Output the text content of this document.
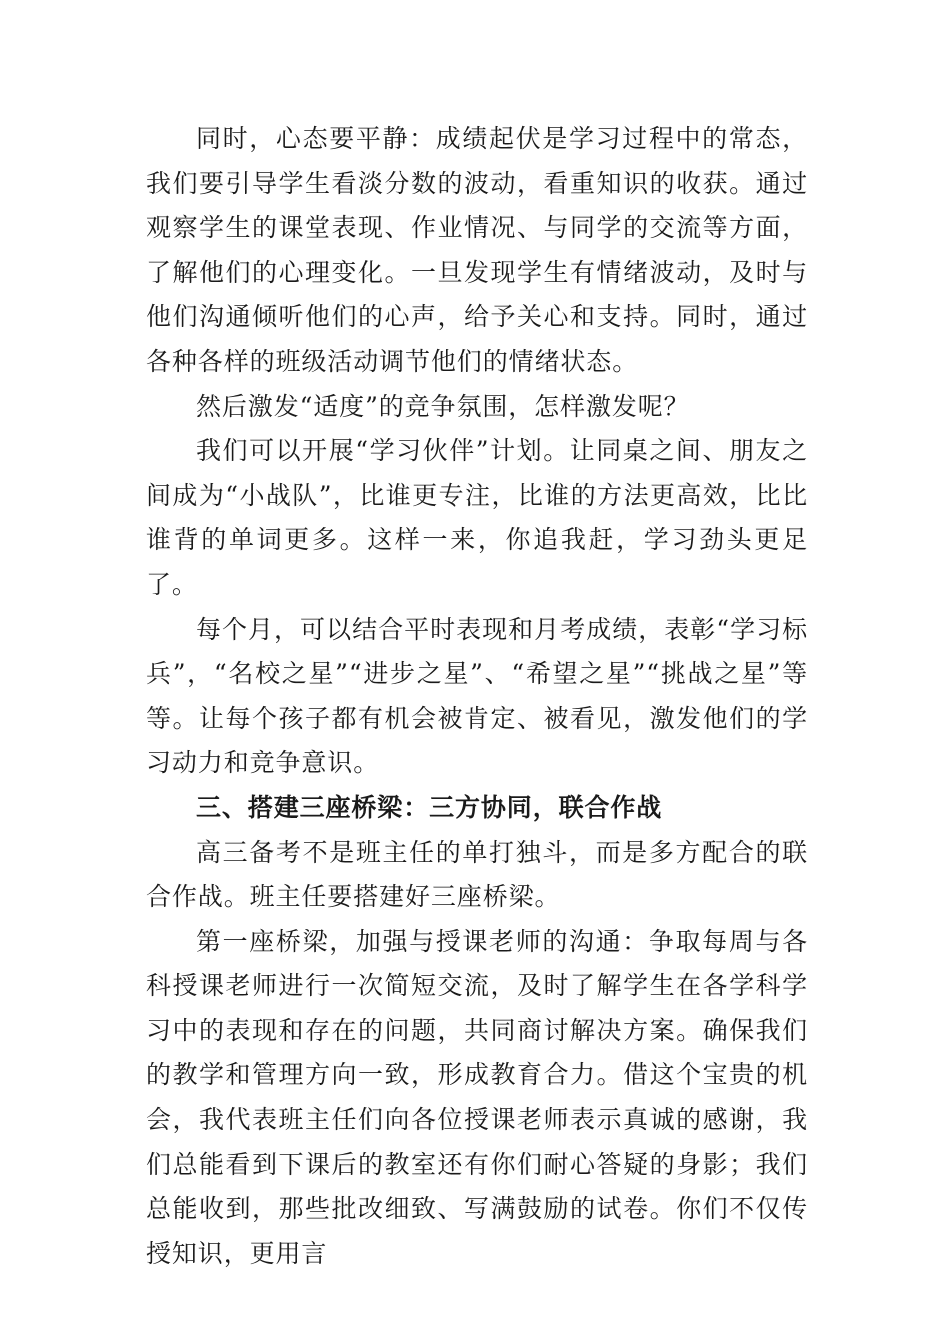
同时，心态要平静：成绩起伏是学习过程中的常态，我们要引导学生看淡分数的波动，看重知识的收获。通过观察学生的课堂表现、作业情况、与同学的交流等方面，了解他们的心理变化。一旦发现学生有情绪波动，及时与他们沟通倾听他们的心声，给予关心和支持。同时，通过各种各样的班级活动调节他们的情绪状态。

然后激发“适度”的竞争氛围，怎样激发呢？

我们可以开展“学习伙伴”计划。让同桌之间、朋友之间成为“小战队”，比谁更专注，比谁的方法更高效，比比谁背的单词更多。这样一来，你追我赶，学习劲头更足了。

每个月，可以结合平时表现和月考成绩，表彰“学习标兵”，“名校之星”“进步之星”、“希望之星”“挑战之星”等等。让每个孩子都有机会被肯定、被看见，激发他们的学习动力和竞争意识。

三、搭建三座桥梁：三方协同，联合作战

高三备考不是班主任的单打独斗，而是多方配合的联合作战。班主任要搭建好三座桥梁。

第一座桥梁，加强与授课老师的沟通：争取每周与各科授课老师进行一次简短交流，及时了解学生在各学科学习中的表现和存在的问题，共同商讨解决方案。确保我们的教学和管理方向一致，形成教育合力。借这个宝贵的机会，我代表班主任们向各位授课老师表示真诚的感谢，我们总能看到下课后的教室还有你们耐心答疑的身影；我们总能收到，那些批改细致、写满鼓励的试卷。你们不仅传授知识，更用言
